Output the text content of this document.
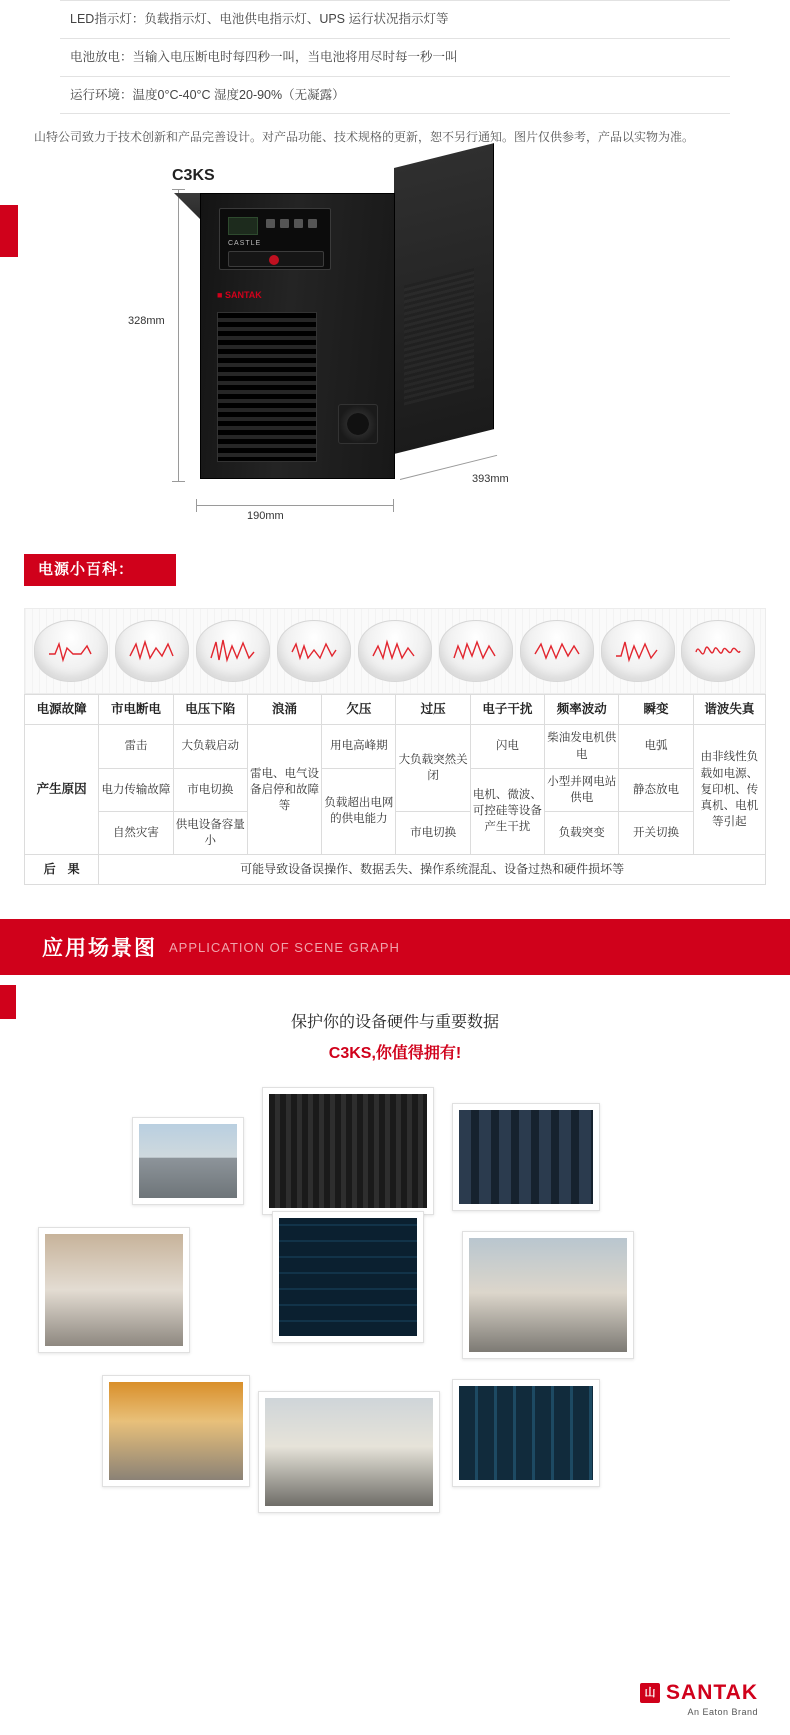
LED指示灯：负载指示灯、电池供电指示灯、UPS 运行状况指示灯等
电池放电：当输入电压断电时每四秒一叫，当电池将用尽时每一秒一叫
运行环境：温度0°C-40°C 湿度20-90%（无凝露）
山特公司致力于技术创新和产品完善设计。对产品功能、技术规格的更新，恕不另行通知。图片仅供参考，产品以实物为准。
C3KS
CASTLE
■ SANTAK
328mm
190mm
393mm
电源小百科：
电源故障	市电断电	电压下陷	浪涌	欠压	过压	电子干扰	频率波动	瞬变	谐波失真
产生原因	雷击	大负载启动	雷电、电气设备启停和故障等	用电高峰期	大负载突然关闭	闪电	柴油发电机供电	电弧	由非线性负载如电源、复印机、传真机、电机等引起
	电力传输故障	市电切换		负载超出电网的供电能力		电机、微波、可控硅等设备产生干扰	小型并网电站供电	静态放电	
	自然灾害	供电设备容量小			市电切换		负载突变	开关切换	
后　果	可能导致设备误操作、数据丢失、操作系统混乱、设备过热和硬件损坏等								
应用场景图 APPLICATION OF SCENE GRAPH
保护你的设备硬件与重要数据
C3KS,你值得拥有!
山 SANTAK
An Eaton Brand
